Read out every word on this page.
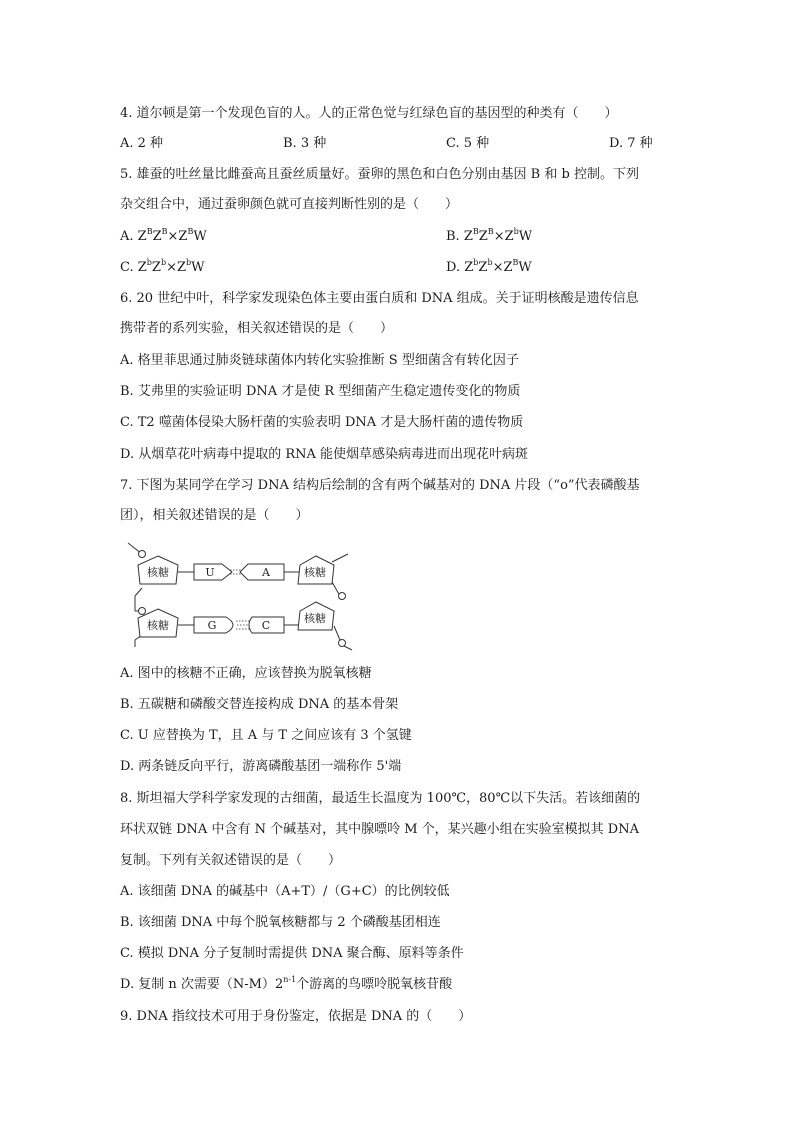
4. 道尔顿是第一个发现色盲的人。人的正常色觉与红绿色盲的基因型的种类有（　　）
A. 2 种	B. 3 种	C. 5 种	D. 7 种
5. 雄蚕的吐丝量比雌蚕高且蚕丝质量好。蚕卵的黑色和白色分别由基因 B 和 b 控制。下列
杂交组合中，通过蚕卵颜色就可直接判断性别的是（　　）
A. $Z^BZ^B\times Z^BW$	B. $Z^BZ^B\times Z^bW$
C. $Z^bZ^b\times Z^bW$	D. $Z^bZ^b\times Z^BW$
6. 20 世纪中叶，科学家发现染色体主要由蛋白质和 DNA 组成。关于证明核酸是遗传信息
携带者的系列实验，相关叙述错误的是（　　）
A. 格里菲思通过肺炎链球菌体内转化实验推断 S 型细菌含有转化因子
B. 艾弗里的实验证明 DNA 才是使 R 型细菌产生稳定遗传变化的物质
C. T2 噬菌体侵染大肠杆菌的实验表明 DNA 才是大肠杆菌的遗传物质
D. 从烟草花叶病毒中提取的 RNA 能使烟草感染病毒进而出现花叶病斑
7. 下图为某同学在学习 DNA 结构后绘制的含有两个碱基对的 DNA 片段（“o”代表磷酸基
团），相关叙述错误的是（　　）
核糖
核糖
核糖
核糖
U	A
G	C
A. 图中的核糖不正确，应该替换为脱氧核糖
B. 五碳糖和磷酸交替连接构成 DNA 的基本骨架
C. U 应替换为 T，且 A 与 T 之间应该有 3 个氢键
D. 两条链反向平行，游离磷酸基团一端称作 5'端
8. 斯坦福大学科学家发现的古细菌，最适生长温度为 100℃，80℃以下失活。若该细菌的
环状双链 DNA 中含有 N 个碱基对，其中腺嘌呤 M 个，某兴趣小组在实验室模拟其 DNA
复制。下列有关叙述错误的是（　　）
A. 该细菌 DNA 的碱基中（A+T）/（G+C）的比例较低
B. 该细菌 DNA 中每个脱氧核糖都与 2 个磷酸基团相连
C. 模拟 DNA 分子复制时需提供 DNA 聚合酶、原料等条件
D. 复制 n 次需要（N-M）2$^{n-1}$个游离的鸟嘌呤脱氧核苷酸
9. DNA 指纹技术可用于身份鉴定，依据是 DNA 的（　　）
